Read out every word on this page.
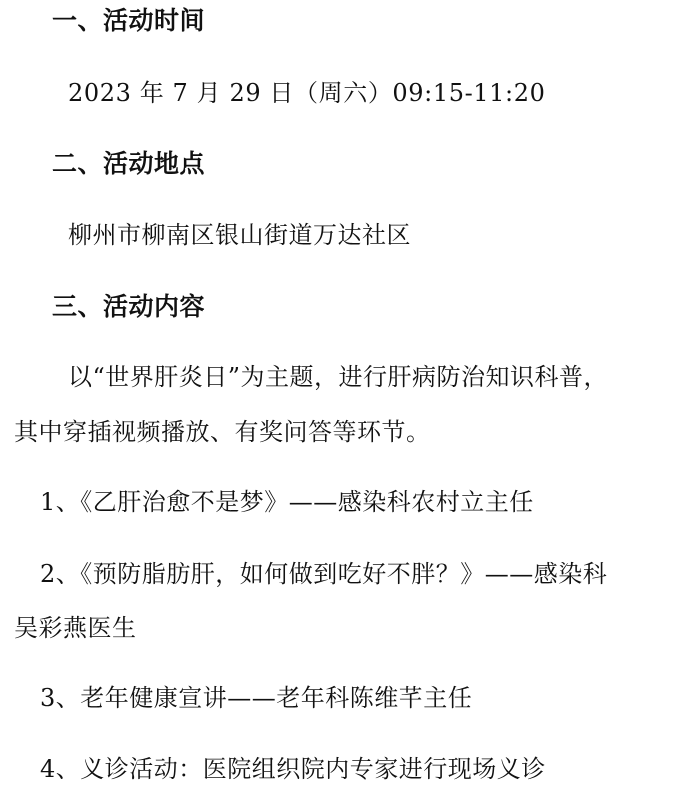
一、活动时间
2023 年 7 月 29 日（周六）09:15-11:20
二、活动地点
柳州市柳南区银山街道万达社区
三、活动内容
以“世界肝炎日”为主题，进行肝病防治知识科普，
其中穿插视频播放、有奖问答等环节。
1、《乙肝治愈不是梦》——感染科农村立主任
2、《预防脂肪肝，如何做到吃好不胖？》——感染科
吴彩燕医生
3、老年健康宣讲——老年科陈维芊主任
4、义诊活动：医院组织院内专家进行现场义诊
